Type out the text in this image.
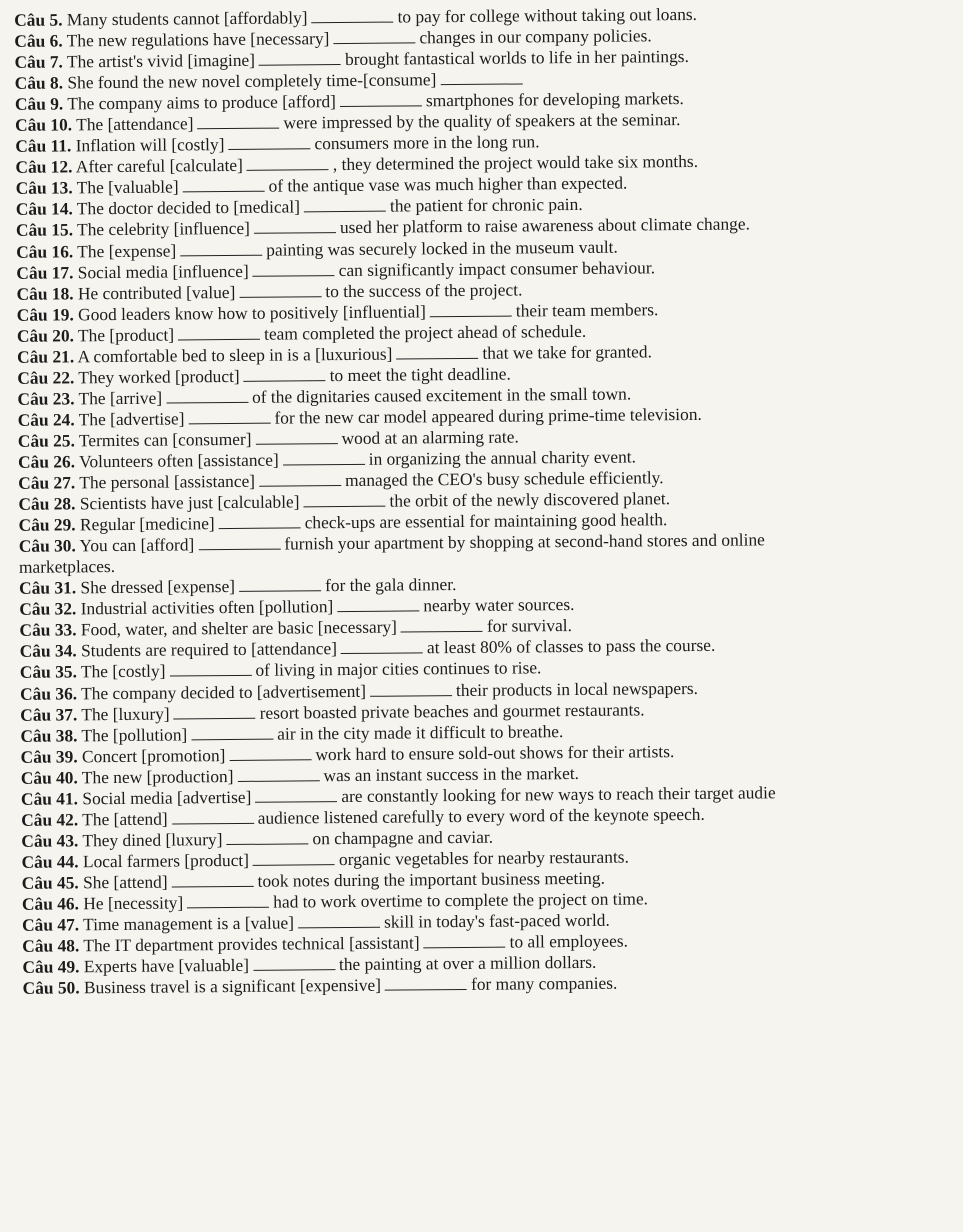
Câu 5. Many students cannot [affordably]	to pay for college without taking out loans.
Câu 6. The new regulations have [necessary]	changes in our company policies.
Câu 7. The artist's vivid [imagine]	brought fantastical worlds to life in her paintings.
Câu 8. She found the new novel completely time-[consume]
Câu 9. The company aims to produce [afford]	smartphones for developing markets.
Câu 10. The [attendance]	were impressed by the quality of speakers at the seminar.
Câu 11. Inflation will [costly]	consumers more in the long run.
Câu 12. After careful [calculate]	, they determined the project would take six months.
Câu 13. The [valuable]	of the antique vase was much higher than expected.
Câu 14. The doctor decided to [medical]	the patient for chronic pain.
Câu 15. The celebrity [influence]	used her platform to raise awareness about climate change.
Câu 16. The [expense]	painting was securely locked in the museum vault.
Câu 17. Social media [influence]	can significantly impact consumer behaviour.
Câu 18. He contributed [value]	to the success of the project.
Câu 19. Good leaders know how to positively [influential]	their team members.
Câu 20. The [product]	team completed the project ahead of schedule.
Câu 21. A comfortable bed to sleep in is a [luxurious]	that we take for granted.
Câu 22. They worked [product]	to meet the tight deadline.
Câu 23. The [arrive]	of the dignitaries caused excitement in the small town.
Câu 24. The [advertise]	for the new car model appeared during prime-time television.
Câu 25. Termites can [consumer]	wood at an alarming rate.
Câu 26. Volunteers often [assistance]	in organizing the annual charity event.
Câu 27. The personal [assistance]	managed the CEO's busy schedule efficiently.
Câu 28. Scientists have just [calculable]	the orbit of the newly discovered planet.
Câu 29. Regular [medicine]	check-ups are essential for maintaining good health.
Câu 30. You can [afford]	furnish your apartment by shopping at second-hand stores and online
marketplaces.
Câu 31. She dressed [expense]	for the gala dinner.
Câu 32. Industrial activities often [pollution]	nearby water sources.
Câu 33. Food, water, and shelter are basic [necessary]	for survival.
Câu 34. Students are required to [attendance]	at least 80% of classes to pass the course.
Câu 35. The [costly]	of living in major cities continues to rise.
Câu 36. The company decided to [advertisement]	their products in local newspapers.
Câu 37. The [luxury]	resort boasted private beaches and gourmet restaurants.
Câu 38. The [pollution]	air in the city made it difficult to breathe.
Câu 39. Concert [promotion]	work hard to ensure sold-out shows for their artists.
Câu 40. The new [production]	was an instant success in the market.
Câu 41. Social media [advertise]	are constantly looking for new ways to reach their target audie
Câu 42. The [attend]	audience listened carefully to every word of the keynote speech.
Câu 43. They dined [luxury]	on champagne and caviar.
Câu 44. Local farmers [product]	organic vegetables for nearby restaurants.
Câu 45. She [attend]	took notes during the important business meeting.
Câu 46. He [necessity]	had to work overtime to complete the project on time.
Câu 47. Time management is a [value]	skill in today's fast-paced world.
Câu 48. The IT department provides technical [assistant]	to all employees.
Câu 49. Experts have [valuable]	the painting at over a million dollars.
Câu 50. Business travel is a significant [expensive]	for many companies.
